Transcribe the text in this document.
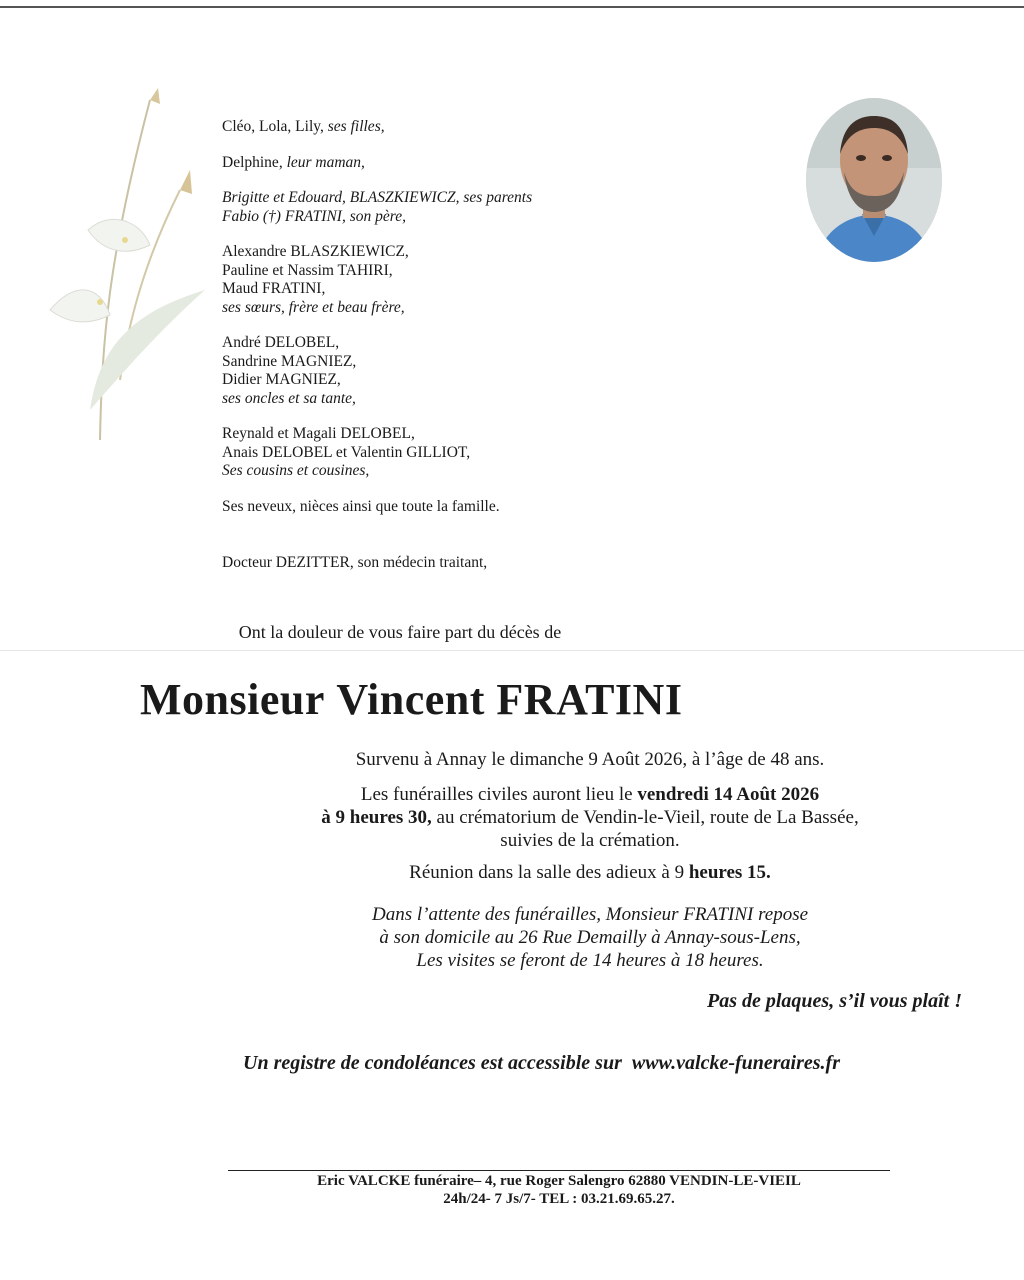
Cléo, Lola, Lily, ses filles,

Delphine, leur maman,

Brigitte et Edouard, BLASZKIEWICZ, ses parents

Fabio (†) FRATINI, son père,

Alexandre BLASZKIEWICZ,

Pauline et Nassim TAHIRI,

Maud FRATINI,

ses sœurs, frère et beau frère,

André DELOBEL,

Sandrine MAGNIEZ,

Didier MAGNIEZ,

ses oncles et sa tante,

Reynald et Magali DELOBEL,

Anais DELOBEL et Valentin GILLIOT,

Ses cousins et cousines,

Ses neveux, nièces ainsi que toute la famille.

Docteur DEZITTER, son médecin traitant,

Ont la douleur de vous faire part du décès de
Monsieur Vincent FRATINI

Survenu à Annay le dimanche 9 Août 2026, à l’âge de 48 ans.

Les funérailles civiles auront lieu le vendredi 14 Août 2026

à 9 heures 30, au crématorium de Vendin-le-Vieil, route de La Bassée,

suivies de la crémation.

Réunion dans la salle des adieux à 9 heures 15.

Dans l’attente des funérailles, Monsieur FRATINI repose

à son domicile au 26 Rue Demailly à Annay-sous-Lens,

Les visites se feront de 14 heures à 18 heures.

Pas de plaques, s’il vous plaît !
Un registre de condoléances est accessible sur www.valcke-funeraires.fr

Eric VALCKE funéraire– 4, rue Roger Salengro 62880 VENDIN-LE-VIEIL

24h/24- 7 Js/7- TEL : 03.21.69.65.27.
